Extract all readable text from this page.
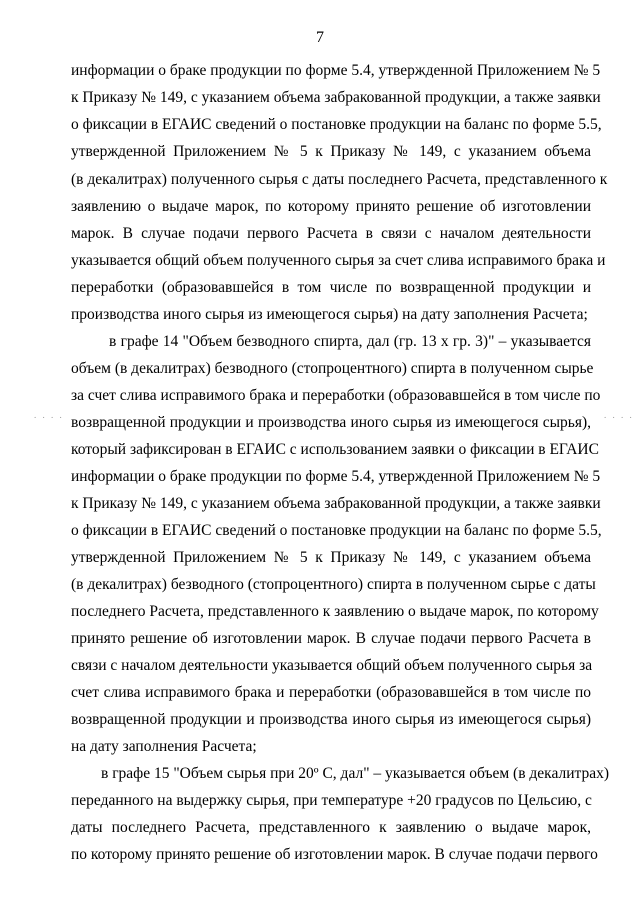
7
информации о браке продукции по форме 5.4, утвержденной Приложением № 5
к Приказу № 149, с указанием объема забракованной продукции, а также заявки
о фиксации в ЕГАИС сведений о постановке продукции на баланс по форме 5.5,
утвержденной Приложением № 5 к Приказу № 149, с указанием объема
(в декалитрах) полученного сырья с даты последнего Расчета, представленного к
заявлению о выдаче марок, по которому принято решение об изготовлении
марок. В случае подачи первого Расчета в связи с началом деятельности
указывается общий объем полученного сырья за счет слива исправимого брака и
переработки (образовавшейся в том числе по возвращенной продукции и
производства иного сырья из имеющегося сырья) на дату заполнения Расчета;
в графе 14 "Объем безводного спирта, дал (гр. 13 х гр. 3)" – указывается
объем (в декалитрах) безводного (стопроцентного) спирта в полученном сырье
за счет слива исправимого брака и переработки (образовавшейся в том числе по
возвращенной продукции и производства иного сырья из имеющегося сырья),
который зафиксирован в ЕГАИС с использованием заявки о фиксации в ЕГАИС
информации о браке продукции по форме 5.4, утвержденной Приложением № 5
к Приказу № 149, с указанием объема забракованной продукции, а также заявки
о фиксации в ЕГАИС сведений о постановке продукции на баланс по форме 5.5,
утвержденной Приложением № 5 к Приказу № 149, с указанием объема
(в декалитрах) безводного (стопроцентного) спирта в полученном сырье с даты
последнего Расчета, представленного к заявлению о выдаче марок, по которому
принято решение об изготовлении марок. В случае подачи первого Расчета в
связи с началом деятельности указывается общий объем полученного сырья за
счет слива исправимого брака и переработки (образовавшейся в том числе по
возвращенной продукции и производства иного сырья из имеющегося сырья)
на дату заполнения Расчета;
в графе 15 "Объем сырья при 20º С, дал" – указывается объем (в декалитрах)
переданного на выдержку сырья, при температуре +20 градусов по Цельсию, с
даты последнего Расчета, представленного к заявлению о выдаче марок,
по которому принято решение об изготовлении марок. В случае подачи первого
. . . .	. . . .
